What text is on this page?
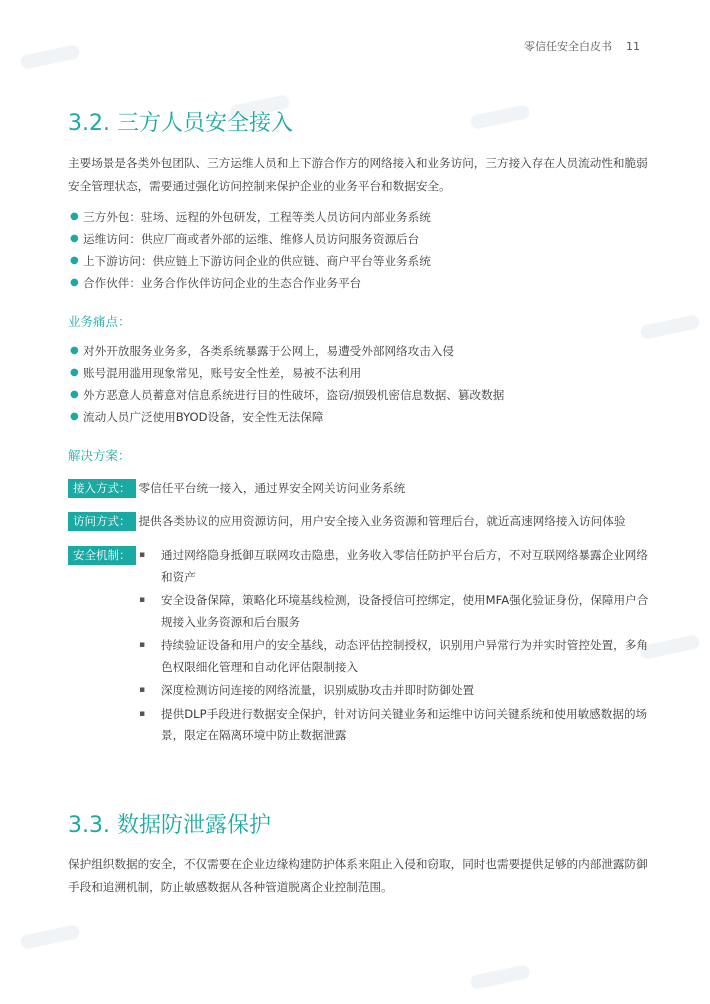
零信任安全白皮书 11
3.2. 三方人员安全接入
主要场景是各类外包团队、三方运维人员和上下游合作方的网络接入和业务访问，三方接入存在人员流动性和脆弱安全管理状态，需要通过强化访问控制来保护企业的业务平台和数据安全。
● 三方外包：驻场、远程的外包研发，工程等类人员访问内部业务系统
● 运维访问：供应厂商或者外部的运维、维修人员访问服务资源后台
● 上下游访问：供应链上下游访问企业的供应链、商户平台等业务系统
● 合作伙伴：业务合作伙伴访问企业的生态合作业务平台
业务痛点：
● 对外开放服务业务多，各类系统暴露于公网上，易遭受外部网络攻击入侵
● 账号混用滥用现象常见，账号安全性差，易被不法利用
● 外方恶意人员蓄意对信息系统进行目的性破坏，盗窃/损毁机密信息数据、篡改数据
● 流动人员广泛使用BYOD设备，安全性无法保障
解决方案：
接入方式： 零信任平台统一接入，通过界安全网关访问业务系统
访问方式： 提供各类协议的应用资源访问，用户安全接入业务资源和管理后台，就近高速网络接入访问体验
安全机制： ▪ 通过网络隐身抵御互联网攻击隐患，业务收入零信任防护平台后方，不对互联网络暴露企业网络和资产
▪ 安全设备保障，策略化环境基线检测，设备授信可控绑定，使用MFA强化验证身份，保障用户合规接入业务资源和后台服务
▪ 持续验证设备和用户的安全基线，动态评估控制授权，识别用户异常行为并实时管控处置，多角色权限细化管理和自动化评估限制接入
▪ 深度检测访问连接的网络流量，识别威胁攻击并即时防御处置
▪ 提供DLP手段进行数据安全保护，针对访问关键业务和运维中访问关键系统和使用敏感数据的场景，限定在隔离环境中防止数据泄露
3.3. 数据防泄露保护
保护组织数据的安全，不仅需要在企业边缘构建防护体系来阻止入侵和窃取，同时也需要提供足够的内部泄露防御手段和追溯机制，防止敏感数据从各种管道脱离企业控制范围。
